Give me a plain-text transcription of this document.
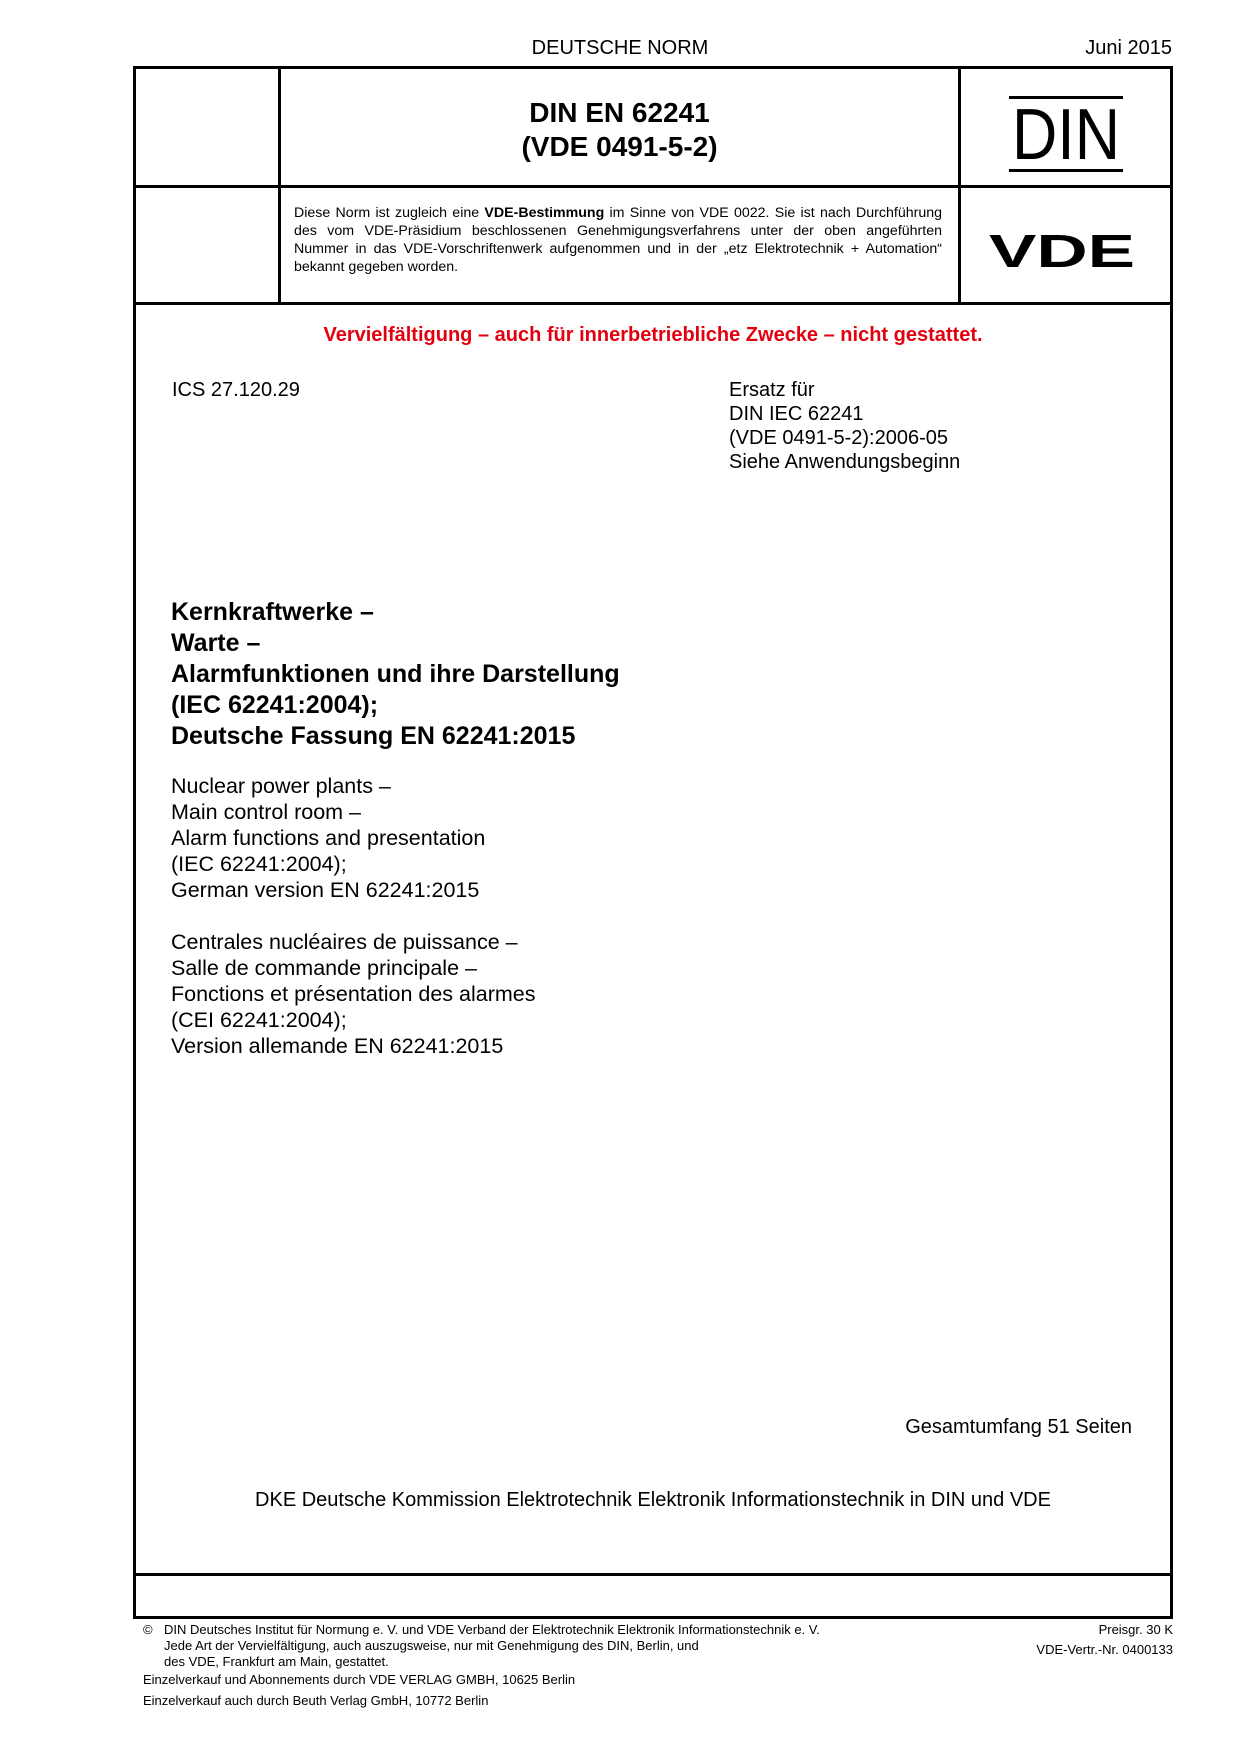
DEUTSCHE NORM	Juni 2015
DIN EN 62241
(VDE 0491-5-2)	DIN
Diese Norm ist zugleich eine VDE-Bestimmung im Sinne von VDE 0022. Sie ist nach Durchführung des vom VDE-Präsidium beschlossenen Genehmigungsverfahrens unter der oben angeführten Nummer in das VDE-Vorschriftenwerk aufgenommen und in der „etz Elektrotechnik + Automation“ bekannt gegeben worden.	VDE
Vervielfältigung – auch für innerbetriebliche Zwecke – nicht gestattet.
ICS 27.120.29	Ersatz für
DIN IEC 62241
(VDE 0491-5-2):2006-05
Siehe Anwendungsbeginn
Kernkraftwerke –
Warte –
Alarmfunktionen und ihre Darstellung
(IEC 62241:2004);
Deutsche Fassung EN 62241:2015
Nuclear power plants –
Main control room –
Alarm functions and presentation
(IEC 62241:2004);
German version EN 62241:2015
Centrales nucléaires de puissance –
Salle de commande principale –
Fonctions et présentation des alarmes
(CEI 62241:2004);
Version allemande EN 62241:2015
Gesamtumfang 51 Seiten
DKE Deutsche Kommission Elektrotechnik Elektronik Informationstechnik in DIN und VDE
© DIN Deutsches Institut für Normung e. V. und VDE Verband der Elektrotechnik Elektronik Informationstechnik e. V.
Jede Art der Vervielfältigung, auch auszugsweise, nur mit Genehmigung des DIN, Berlin, und
des VDE, Frankfurt am Main, gestattet.
Preisgr. 30 K
VDE-Vertr.-Nr. 0400133
Einzelverkauf und Abonnements durch VDE VERLAG GMBH, 10625 Berlin
Einzelverkauf auch durch Beuth Verlag GmbH, 10772 Berlin
